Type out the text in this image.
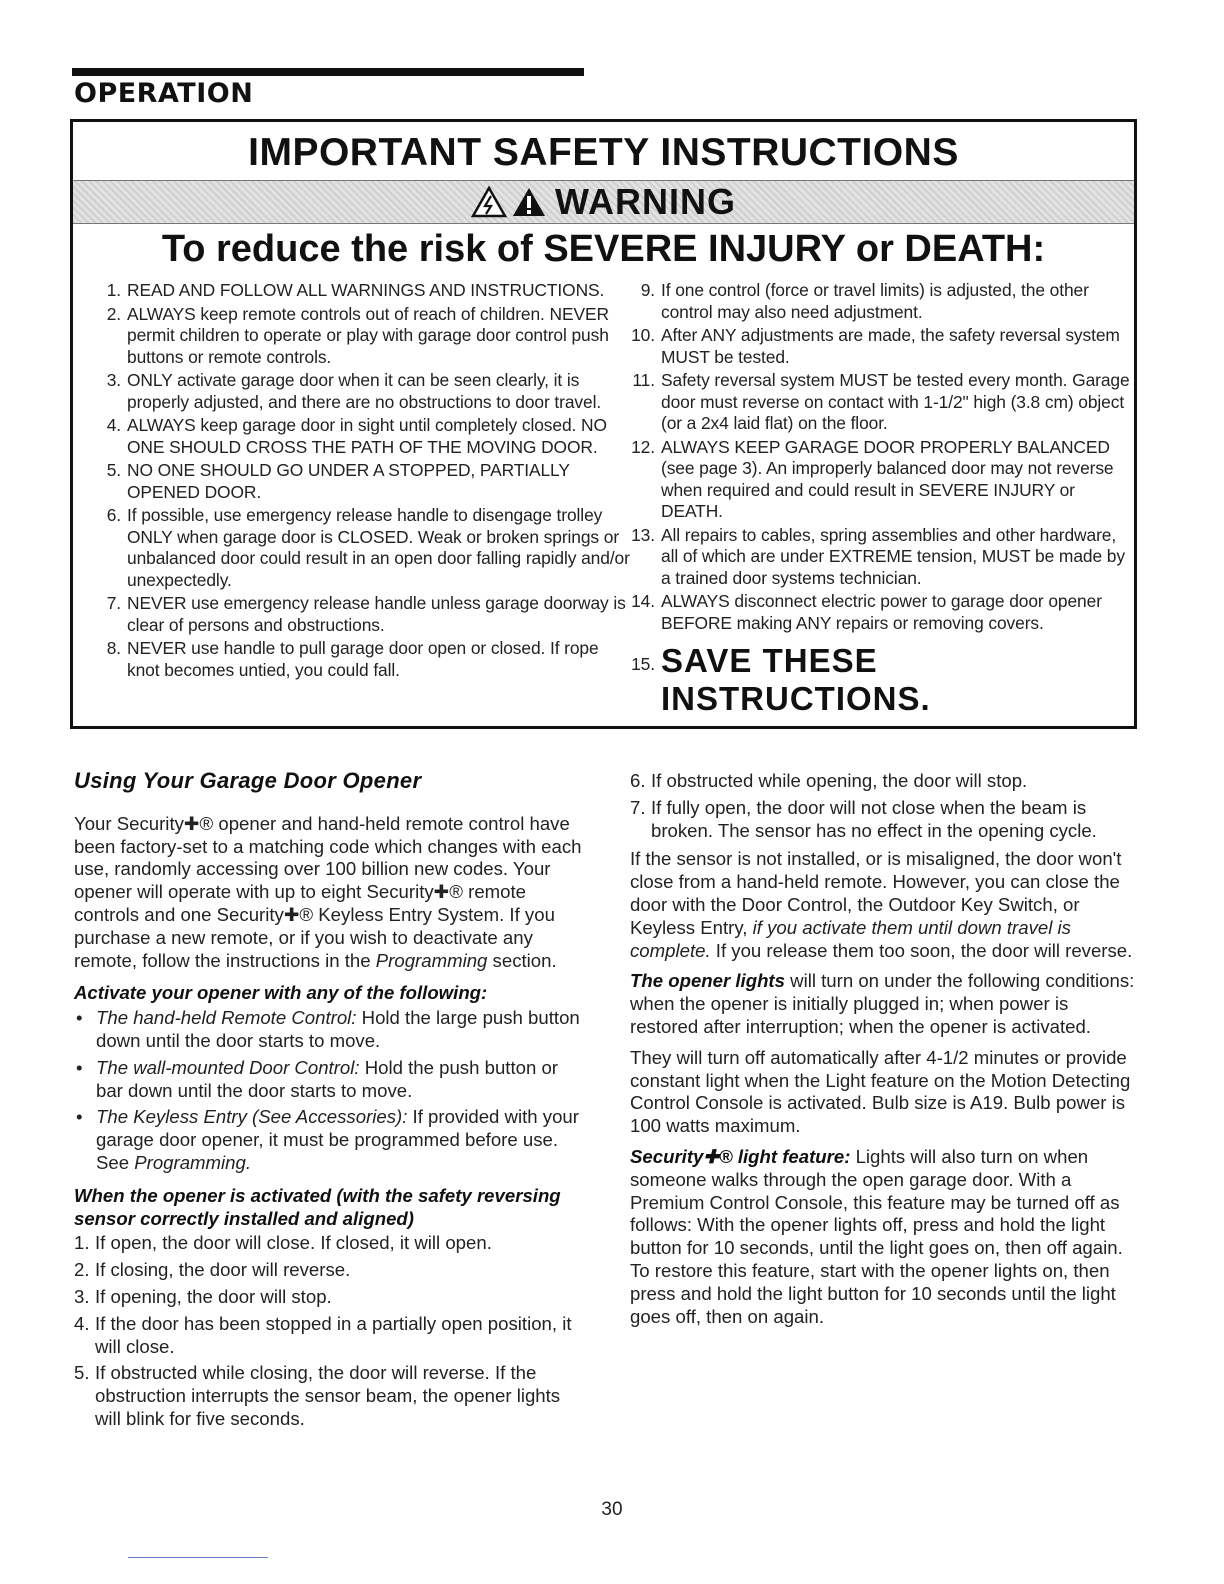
OPERATION
IMPORTANT SAFETY INSTRUCTIONS
WARNING
To reduce the risk of SEVERE INJURY or DEATH:
1. READ AND FOLLOW ALL WARNINGS AND INSTRUCTIONS.
2. ALWAYS keep remote controls out of reach of children. NEVER permit children to operate or play with garage door control push buttons or remote controls.
3. ONLY activate garage door when it can be seen clearly, it is properly adjusted, and there are no obstructions to door travel.
4. ALWAYS keep garage door in sight until completely closed. NO ONE SHOULD CROSS THE PATH OF THE MOVING DOOR.
5. NO ONE SHOULD GO UNDER A STOPPED, PARTIALLY OPENED DOOR.
6. If possible, use emergency release handle to disengage trolley ONLY when garage door is CLOSED. Weak or broken springs or unbalanced door could result in an open door falling rapidly and/or unexpectedly.
7. NEVER use emergency release handle unless garage doorway is clear of persons and obstructions.
8. NEVER use handle to pull garage door open or closed. If rope knot becomes untied, you could fall.
9. If one control (force or travel limits) is adjusted, the other control may also need adjustment.
10. After ANY adjustments are made, the safety reversal system MUST be tested.
11. Safety reversal system MUST be tested every month. Garage door must reverse on contact with 1-1/2" high (3.8 cm) object (or a 2x4 laid flat) on the floor.
12. ALWAYS KEEP GARAGE DOOR PROPERLY BALANCED (see page 3). An improperly balanced door may not reverse when required and could result in SEVERE INJURY or DEATH.
13. All repairs to cables, spring assemblies and other hardware, all of which are under EXTREME tension, MUST be made by a trained door systems technician.
14. ALWAYS disconnect electric power to garage door opener BEFORE making ANY repairs or removing covers.
15. SAVE THESE INSTRUCTIONS.
Using Your Garage Door Opener

Your Security✚® opener and hand-held remote control have been factory-set to a matching code which changes with each use, randomly accessing over 100 billion new codes. Your opener will operate with up to eight Security✚® remote controls and one Security✚® Keyless Entry System. If you purchase a new remote, or if you wish to deactivate any remote, follow the instructions in the Programming section.

Activate your opener with any of the following:
• The hand-held Remote Control: Hold the large push button down until the door starts to move.
• The wall-mounted Door Control: Hold the push button or bar down until the door starts to move.
• The Keyless Entry (See Accessories): If provided with your garage door opener, it must be programmed before use. See Programming.
When the opener is activated (with the safety reversing sensor correctly installed and aligned)
1. If open, the door will close. If closed, it will open.
2. If closing, the door will reverse.
3. If opening, the door will stop.
4. If the door has been stopped in a partially open position, it will close.
5. If obstructed while closing, the door will reverse. If the obstruction interrupts the sensor beam, the opener lights will blink for five seconds.
6. If obstructed while opening, the door will stop.
7. If fully open, the door will not close when the beam is broken. The sensor has no effect in the opening cycle.

If the sensor is not installed, or is misaligned, the door won't close from a hand-held remote. However, you can close the door with the Door Control, the Outdoor Key Switch, or Keyless Entry, if you activate them until down travel is complete. If you release them too soon, the door will reverse.

The opener lights will turn on under the following conditions: when the opener is initially plugged in; when power is restored after interruption; when the opener is activated.

They will turn off automatically after 4-1/2 minutes or provide constant light when the Light feature on the Motion Detecting Control Console is activated. Bulb size is A19. Bulb power is 100 watts maximum.

Security✚® light feature: Lights will also turn on when someone walks through the open garage door. With a Premium Control Console, this feature may be turned off as follows: With the opener lights off, press and hold the light button for 10 seconds, until the light goes on, then off again. To restore this feature, start with the opener lights on, then press and hold the light button for 10 seconds until the light goes off, then on again.

30
